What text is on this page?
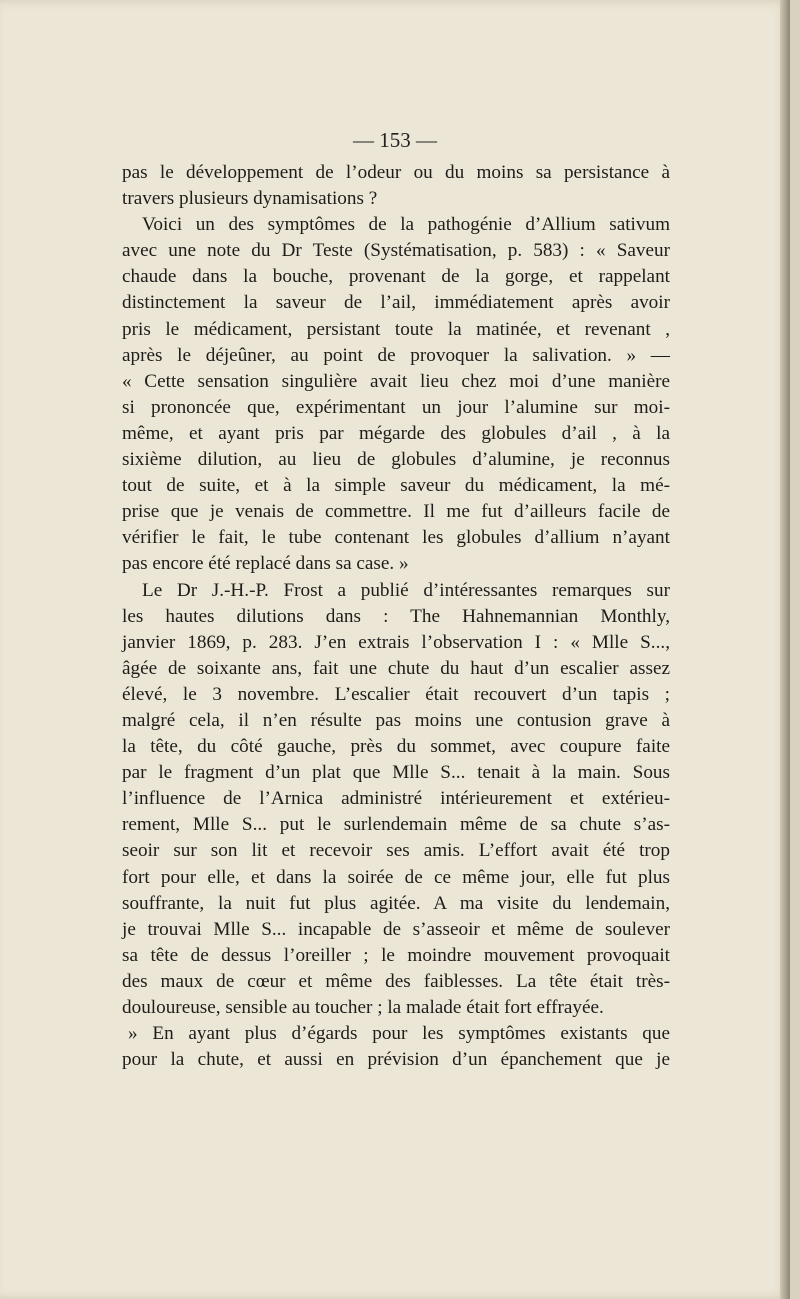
— 153 —
pas le développement de l’odeur ou du moins sa persistance à
travers plusieurs dynamisations ?
Voici un des symptômes de la pathogénie d’Allium sativum
avec une note du Dr Teste (Systématisation, p. 583) : « Saveur
chaude dans la bouche, provenant de la gorge, et rappelant
distinctement la saveur de l’ail, immédiatement après avoir
pris le médicament, persistant toute la matinée, et revenant ,
après le déjeûner, au point de provoquer la salivation. » —
« Cette sensation singulière avait lieu chez moi d’une manière
si prononcée que, expérimentant un jour l’alumine sur moi-
même, et ayant pris par mégarde des globules d’ail , à la
sixième dilution, au lieu de globules d’alumine, je reconnus
tout de suite, et à la simple saveur du médicament, la mé-
prise que je venais de commettre. Il me fut d’ailleurs facile de
vérifier le fait, le tube contenant les globules d’allium n’ayant
pas encore été replacé dans sa case. »
Le Dr J.-H.-P. Frost a publié d’intéressantes remarques sur
les hautes dilutions dans : The Hahnemannian Monthly,
janvier 1869, p. 283. J’en extrais l’observation I : « Mlle S...,
âgée de soixante ans, fait une chute du haut d’un escalier assez
élevé, le 3 novembre. L’escalier était recouvert d’un tapis ;
malgré cela, il n’en résulte pas moins une contusion grave à
la tête, du côté gauche, près du sommet, avec coupure faite
par le fragment d’un plat que Mlle S... tenait à la main. Sous
l’influence de l’Arnica administré intérieurement et extérieu-
rement, Mlle S... put le surlendemain même de sa chute s’as-
seoir sur son lit et recevoir ses amis. L’effort avait été trop
fort pour elle, et dans la soirée de ce même jour, elle fut plus
souffrante, la nuit fut plus agitée. A ma visite du lendemain,
je trouvai Mlle S... incapable de s’asseoir et même de soulever
sa tête de dessus l’oreiller ; le moindre mouvement provoquait
des maux de cœur et même des faiblesses. La tête était très-
douloureuse, sensible au toucher ; la malade était fort effrayée.
» En ayant plus d’égards pour les symptômes existants que
pour la chute, et aussi en prévision d’un épanchement que je
